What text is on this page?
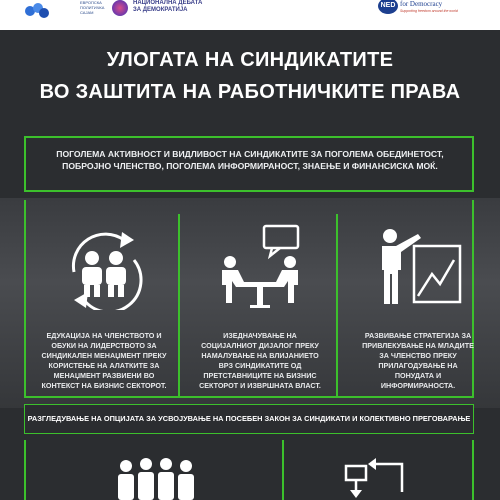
ЕВРОПСКА
ПОЛИТИЧКА
САЈАМ
НАЦИОНАЛНА ДЕБАТА
ЗА ДЕМОКРАТИЈА
NED for Democracy
Supporting freedom around the world
УЛОГАТА НА СИНДИКАТИТЕ
ВО ЗАШТИТА НА РАБОТНИЧКИТЕ ПРАВА
ПОГОЛЕМА АКТИВНОСТ И ВИДЛИВОСТ НА СИНДИКАТИТЕ ЗА ПОГОЛЕМА ОБЕДИНЕТОСТ,
ПОБРОЈНО ЧЛЕНСТВО, ПОГОЛЕМА ИНФОРМИРАНОСТ, ЗНАЕЊЕ И ФИНАНСИСКА МОЌ.
ЕДУКАЦИЈА НА ЧЛЕНСТВОТО И
ОБУКИ НА ЛИДЕРСТВОТО ЗА
СИНДИКАЛЕН МЕНАЏМЕНТ ПРЕКУ
КОРИСТЕЊЕ НА АЛАТКИТЕ ЗА
МЕНАЏМЕНТ РАЗВИЕНИ ВО
КОНТЕКСТ НА БИЗНИС СЕКТОРОТ.
ИЗЕДНАЧУВАЊЕ НА
СОЦИЈАЛНИОТ ДИЈАЛОГ ПРЕКУ
НАМАЛУВАЊЕ НА ВЛИЈАНИЕТО
ВРЗ СИНДИКАТИТЕ ОД
ПРЕТСТАВНИЦИТЕ НА БИЗНИС
СЕКТОРОТ И ИЗВРШНАТА ВЛАСТ.
РАЗВИВАЊЕ СТРАТЕГИЈА ЗА
ПРИВЛЕКУВАЊЕ НА МЛАДИТЕ
ЗА ЧЛЕНСТВО ПРЕКУ
ПРИЛАГОДУВАЊЕ НА
ПОНУДАТА И
ИНФОРМИРАНОСТА.
РАЗГЛЕДУВАЊЕ НА ОПЦИЈАТА ЗА УСВОЈУВАЊЕ НА ПОСЕБЕН ЗАКОН ЗА СИНДИКАТИ И КОЛЕКТИВНО ПРЕГОВАРАЊЕ
